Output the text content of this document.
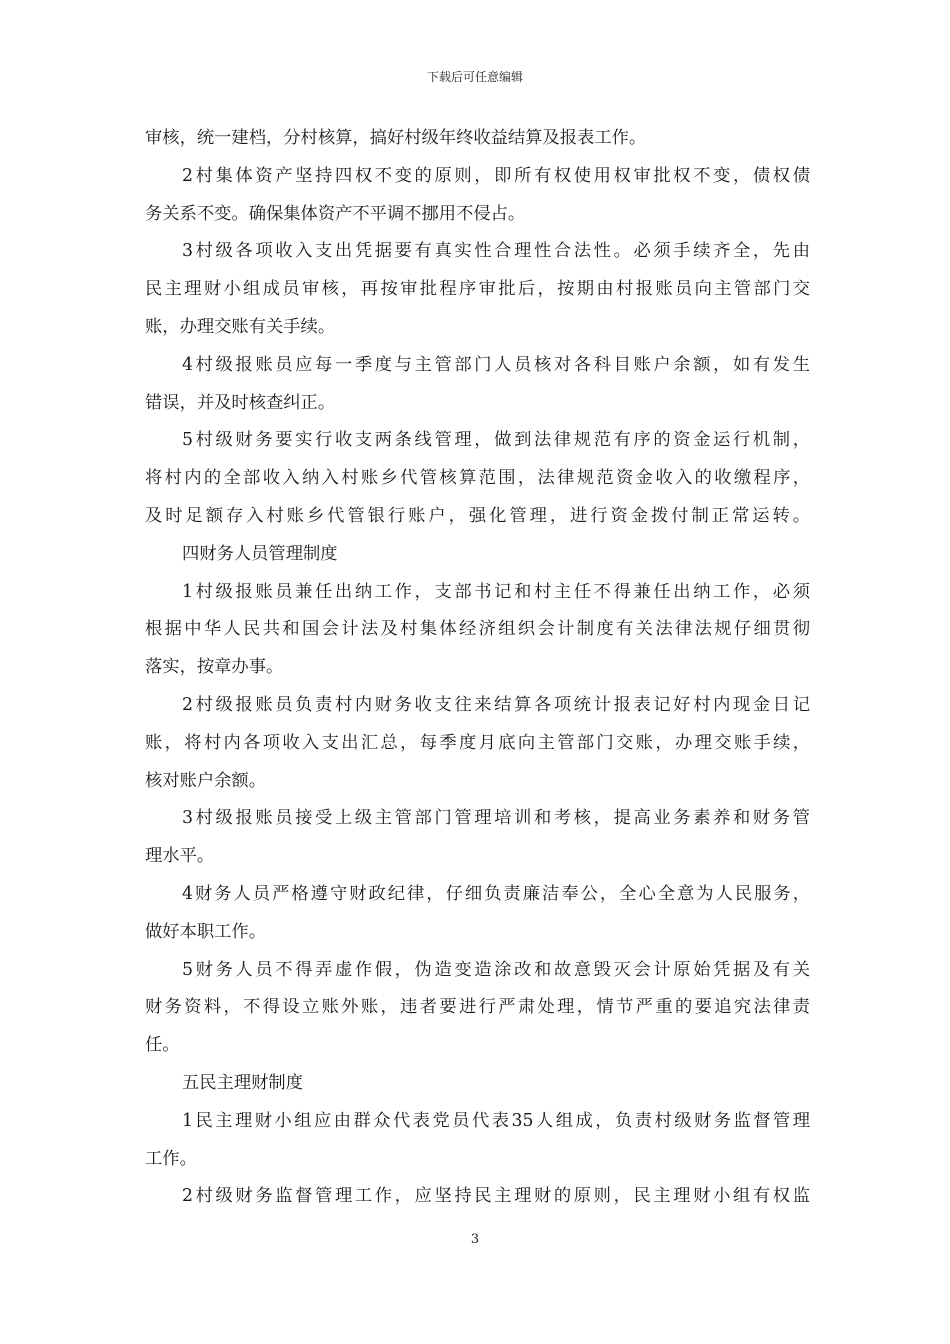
下载后可任意编辑
审核，统一建档，分村核算，搞好村级年终收益结算及报表工作。
2村集体资产坚持四权不变的原则，即所有权使用权审批权不变，债权债
务关系不变。确保集体资产不平调不挪用不侵占。
3村级各项收入支出凭据要有真实性合理性合法性。必须手续齐全，先由
民主理财小组成员审核，再按审批程序审批后，按期由村报账员向主管部门交
账，办理交账有关手续。
4村级报账员应每一季度与主管部门人员核对各科目账户余额，如有发生
错误，并及时核查纠正。
5村级财务要实行收支两条线管理，做到法律规范有序的资金运行机制，
将村内的全部收入纳入村账乡代管核算范围，法律规范资金收入的收缴程序，
及时足额存入村账乡代管银行账户，强化管理，进行资金拨付制正常运转。
四财务人员管理制度
1村级报账员兼任出纳工作，支部书记和村主任不得兼任出纳工作，必须
根据中华人民共和国会计法及村集体经济组织会计制度有关法律法规仔细贯彻
落实，按章办事。
2村级报账员负责村内财务收支往来结算各项统计报表记好村内现金日记
账，将村内各项收入支出汇总，每季度月底向主管部门交账，办理交账手续，
核对账户余额。
3村级报账员接受上级主管部门管理培训和考核，提高业务素养和财务管
理水平。
4财务人员严格遵守财政纪律，仔细负责廉洁奉公，全心全意为人民服务，
做好本职工作。
5财务人员不得弄虚作假，伪造变造涂改和故意毁灭会计原始凭据及有关
财务资料，不得设立账外账，违者要进行严肃处理，情节严重的要追究法律责
任。
五民主理财制度
1民主理财小组应由群众代表党员代表35人组成，负责村级财务监督管理
工作。
2村级财务监督管理工作，应坚持民主理财的原则，民主理财小组有权监
3
